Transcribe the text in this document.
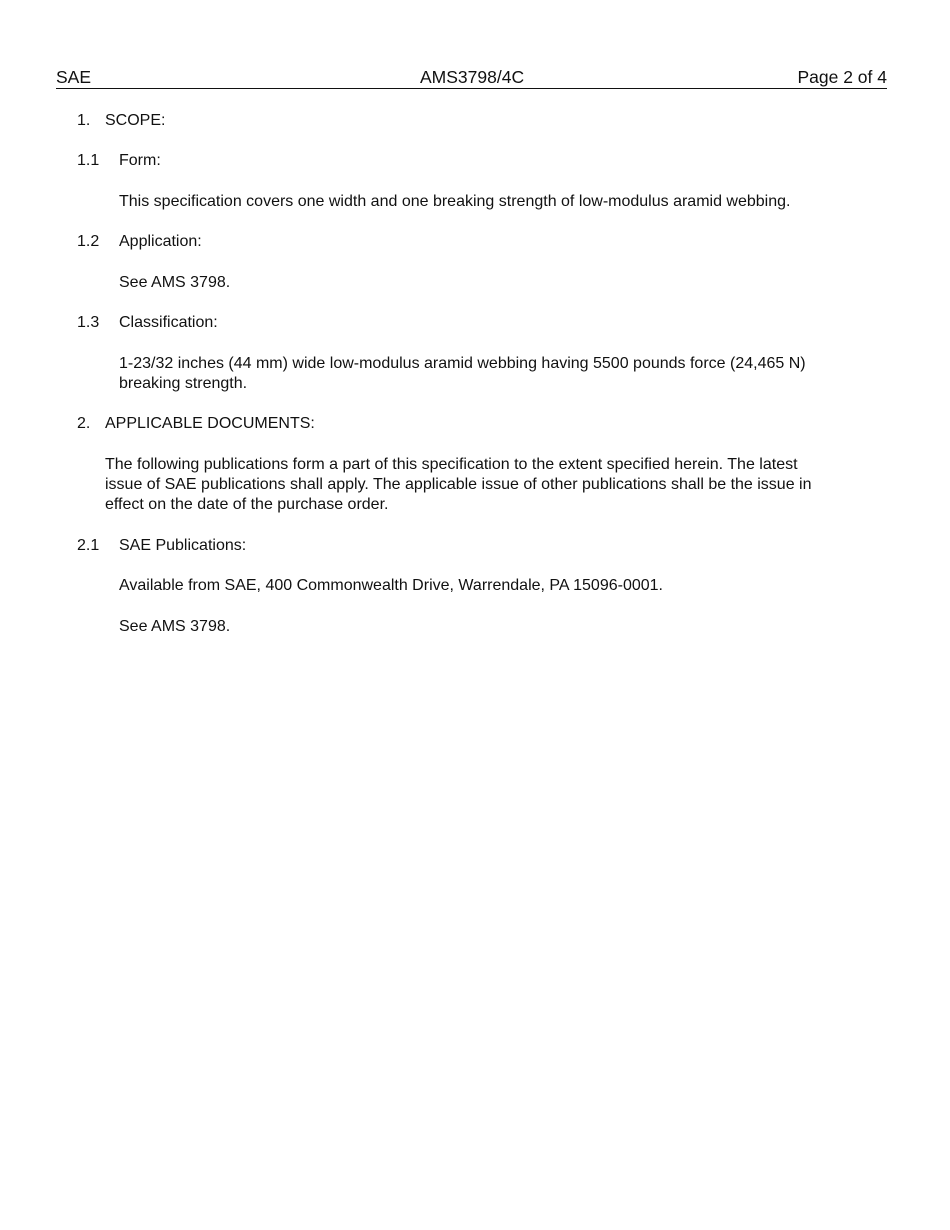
SAE	AMS3798/4C	Page 2 of 4
1. SCOPE:
1.1 Form:
This specification covers one width and one breaking strength of low-modulus aramid webbing.
1.2 Application:
See AMS 3798.
1.3 Classification:
1-23/32 inches (44 mm) wide low-modulus aramid webbing having 5500 pounds force (24,465 N)
breaking strength.
2. APPLICABLE DOCUMENTS:
The following publications form a part of this specification to the extent specified herein. The latest
issue of SAE publications shall apply. The applicable issue of other publications shall be the issue in
effect on the date of the purchase order.
2.1 SAE Publications:
Available from SAE, 400 Commonwealth Drive, Warrendale, PA 15096-0001.
See AMS 3798.
